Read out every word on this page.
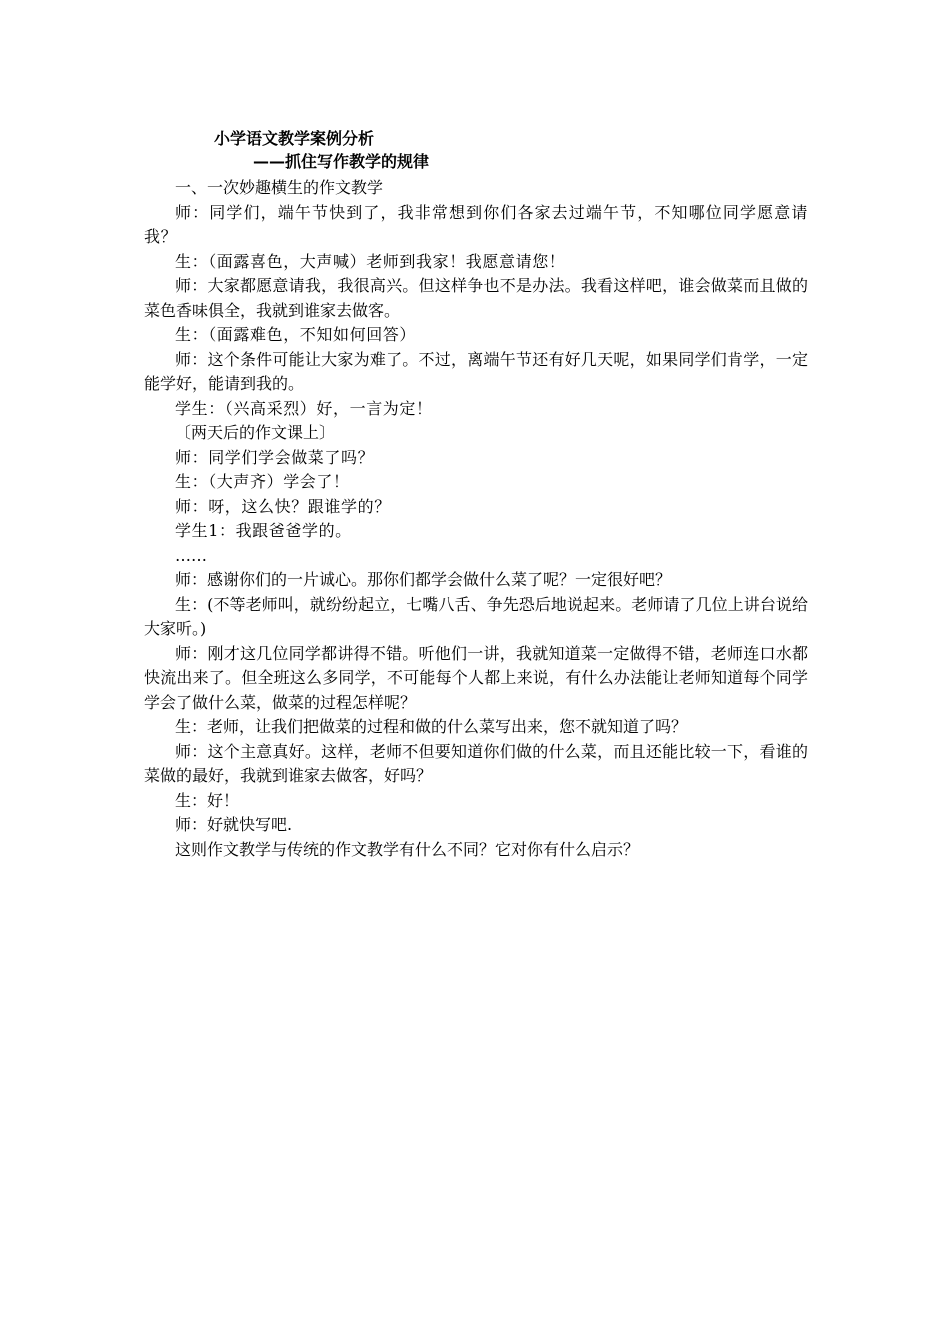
小学语文教学案例分析
——抓住写作教学的规律

一、一次妙趣横生的作文教学

师：同学们，端午节快到了，我非常想到你们各家去过端午节，不知哪位同学愿意请我？

生：（面露喜色，大声喊）老师到我家！我愿意请您！

师：大家都愿意请我，我很高兴。但这样争也不是办法。我看这样吧，谁会做菜而且做的菜色香味俱全，我就到谁家去做客。

生：（面露难色，不知如何回答）

师：这个条件可能让大家为难了。不过，离端午节还有好几天呢，如果同学们肯学，一定能学好，能请到我的。

学生：（兴高采烈）好，一言为定！

〔两天后的作文课上〕

师：同学们学会做菜了吗？

生：（大声齐）学会了！

师：呀，这么快？跟谁学的？

学生1：我跟爸爸学的。

……

师：感谢你们的一片诚心。那你们都学会做什么菜了呢？一定很好吧？

生：(不等老师叫，就纷纷起立，七嘴八舌、争先恐后地说起来。老师请了几位上讲台说给大家听。)

师：刚才这几位同学都讲得不错。听他们一讲，我就知道菜一定做得不错，老师连口水都快流出来了。但全班这么多同学，不可能每个人都上来说，有什么办法能让老师知道每个同学学会了做什么菜，做菜的过程怎样呢？

生：老师，让我们把做菜的过程和做的什么菜写出来，您不就知道了吗？

师：这个主意真好。这样，老师不但要知道你们做的什么菜，而且还能比较一下，看谁的菜做的最好，我就到谁家去做客，好吗？

生：好！

师：好就快写吧.

这则作文教学与传统的作文教学有什么不同？它对你有什么启示？
